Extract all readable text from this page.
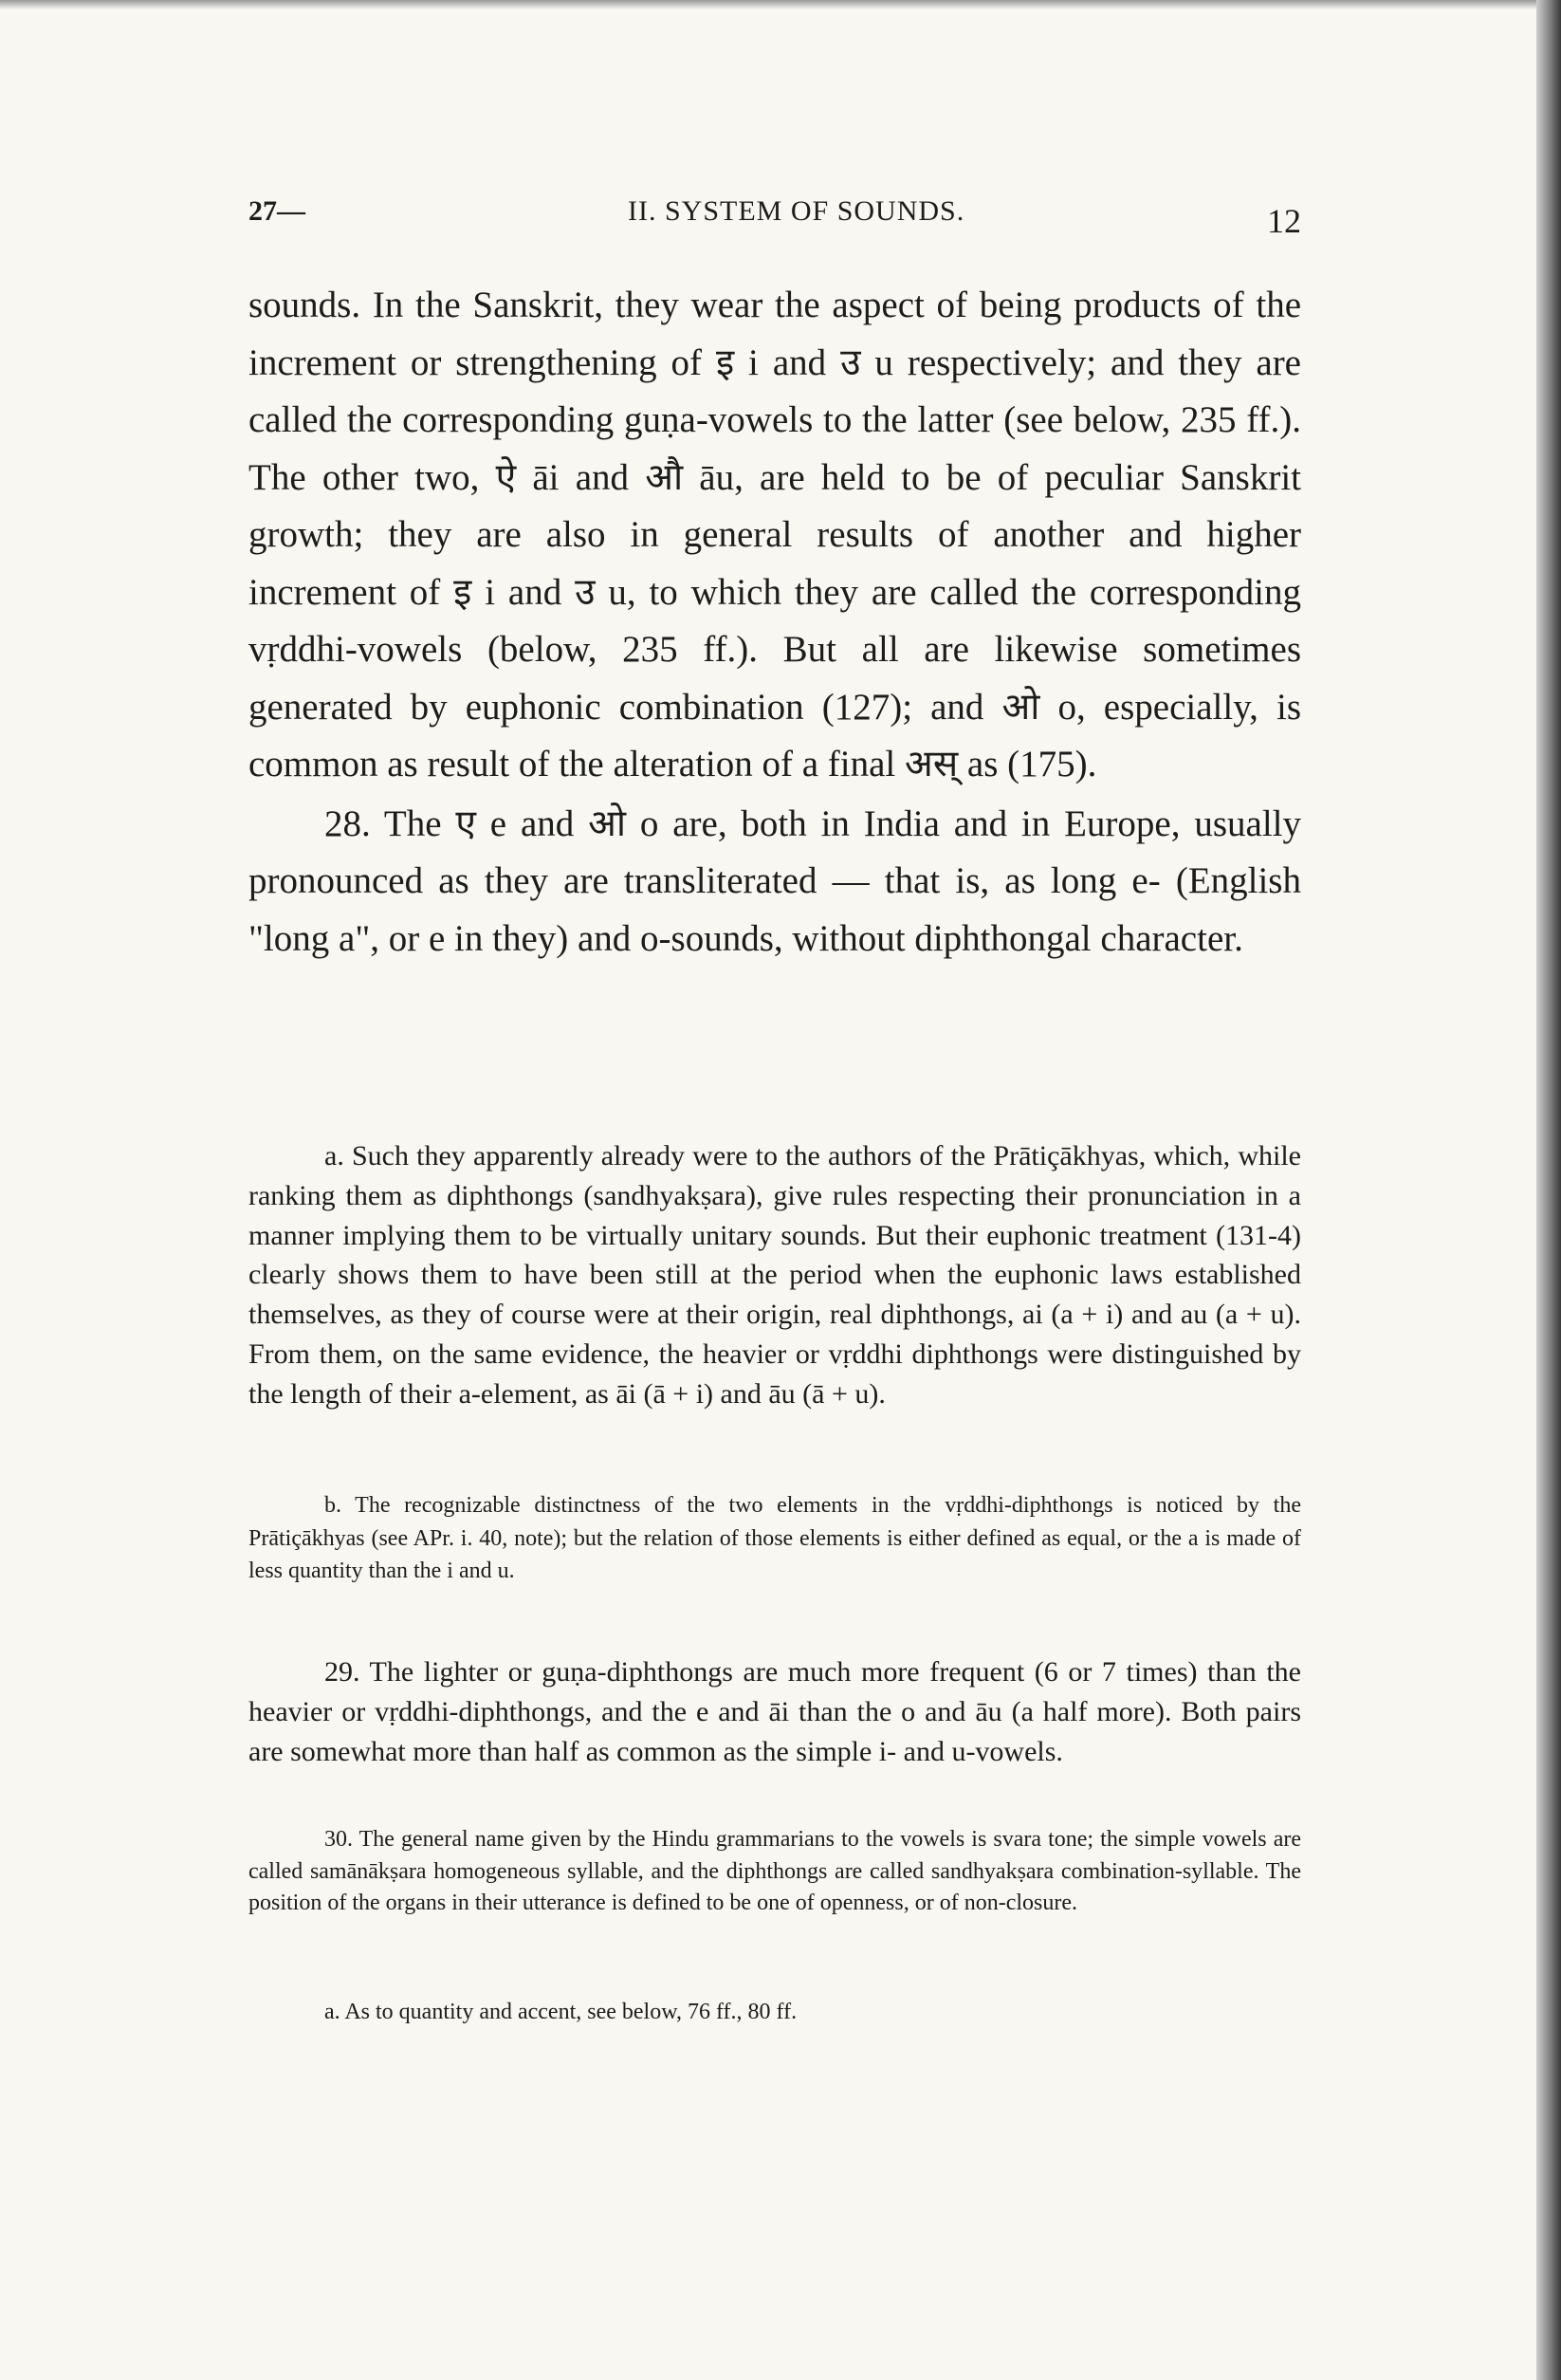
27—	II. SYSTEM OF SOUNDS.	12

sounds. In the Sanskrit, they wear the aspect of being products of the increment or strengthening of इ i and उ u respectively; and they are called the corresponding guṇa-vowels to the latter (see below, 235 ff.). The other two, ऐ āi and औ āu, are held to be of peculiar Sanskrit growth; they are also in general results of another and higher increment of इ i and उ u, to which they are called the corresponding vṛddhi-vowels (below, 235 ff.). But all are likewise sometimes generated by euphonic combination (127); and ओ o, especially, is common as result of the alteration of a final अस् as (175).

28. The ए e and ओ o are, both in India and in Europe, usually pronounced as they are transliterated — that is, as long e- (English "long a", or e in they) and o-sounds, without diphthongal character.

a. Such they apparently already were to the authors of the Prātiçākhyas, which, while ranking them as diphthongs (sandhyakṣara), give rules respecting their pronunciation in a manner implying them to be virtually unitary sounds. But their euphonic treatment (131-4) clearly shows them to have been still at the period when the euphonic laws established themselves, as they of course were at their origin, real diphthongs, ai (a + i) and au (a + u). From them, on the same evidence, the heavier or vṛddhi diphthongs were distinguished by the length of their a-element, as āi (ā + i) and āu (ā + u).

b. The recognizable distinctness of the two elements in the vṛddhi-diphthongs is noticed by the Prātiçākhyas (see APr. i. 40, note); but the relation of those elements is either defined as equal, or the a is made of less quantity than the i and u.

29. The lighter or guṇa-diphthongs are much more frequent (6 or 7 times) than the heavier or vṛddhi-diphthongs, and the e and āi than the o and āu (a half more). Both pairs are somewhat more than half as common as the simple i- and u-vowels.

30. The general name given by the Hindu grammarians to the vowels is svara tone; the simple vowels are called samānākṣara homogeneous syllable, and the diphthongs are called sandhyakṣara combination-syllable. The position of the organs in their utterance is defined to be one of openness, or of non-closure.

a. As to quantity and accent, see below, 76 ff., 80 ff.
